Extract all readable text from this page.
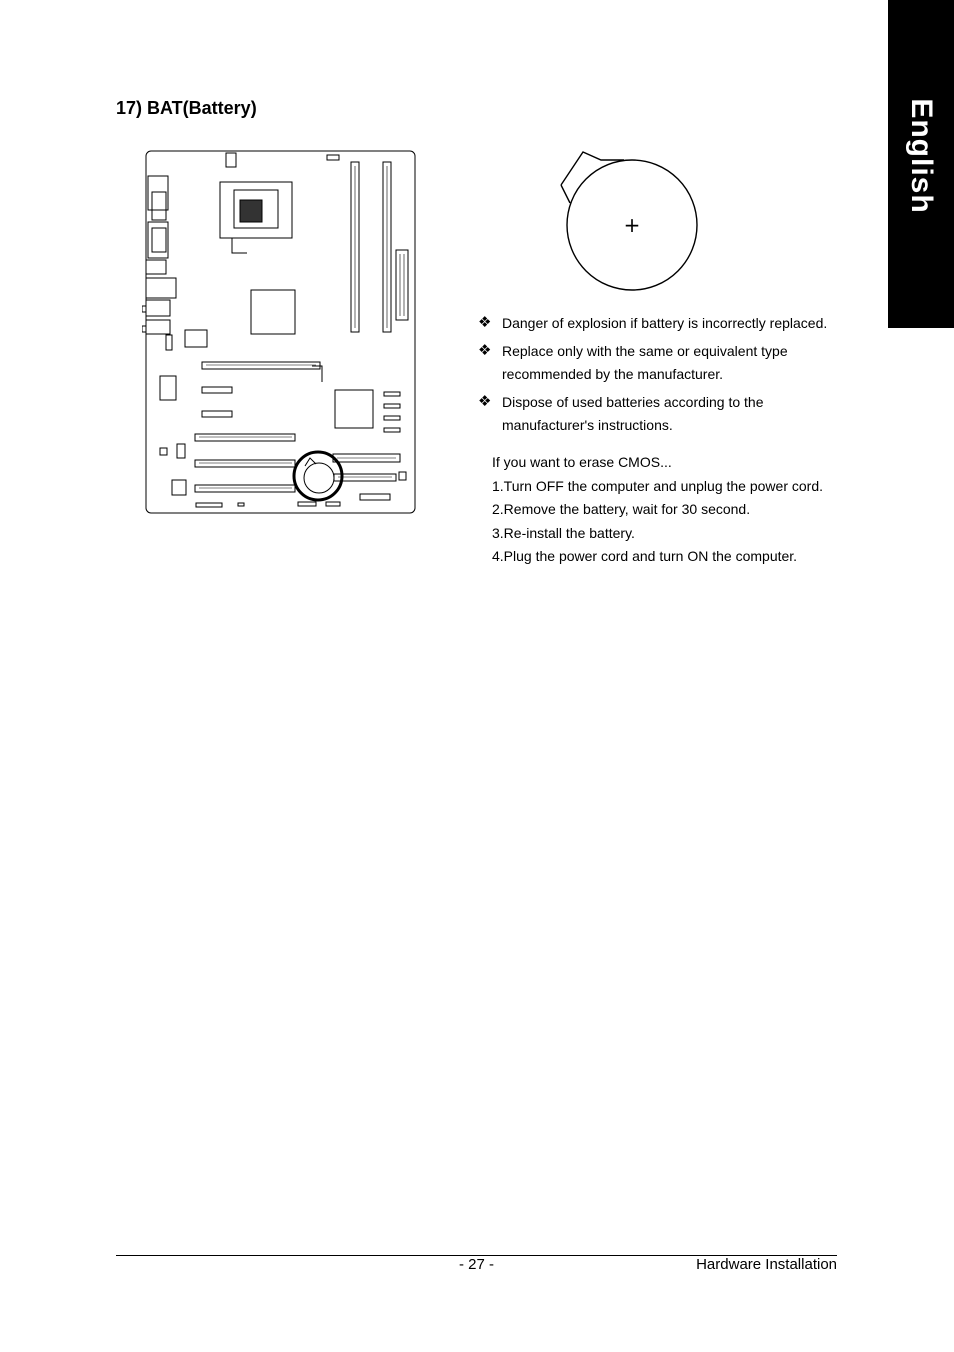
English
17) BAT(Battery)
+
❖ Danger of explosion if battery is incorrectly replaced.
❖ Replace only with the same or equivalent type recommended by the manufacturer.
❖ Dispose of used batteries according to the manufacturer's instructions.
If you want to erase CMOS...
1.Turn OFF the computer and unplug the power cord.
2.Remove the battery, wait for 30 second.
3.Re-install the battery.
4.Plug the power cord and turn ON the computer.
- 27 -	Hardware Installation
